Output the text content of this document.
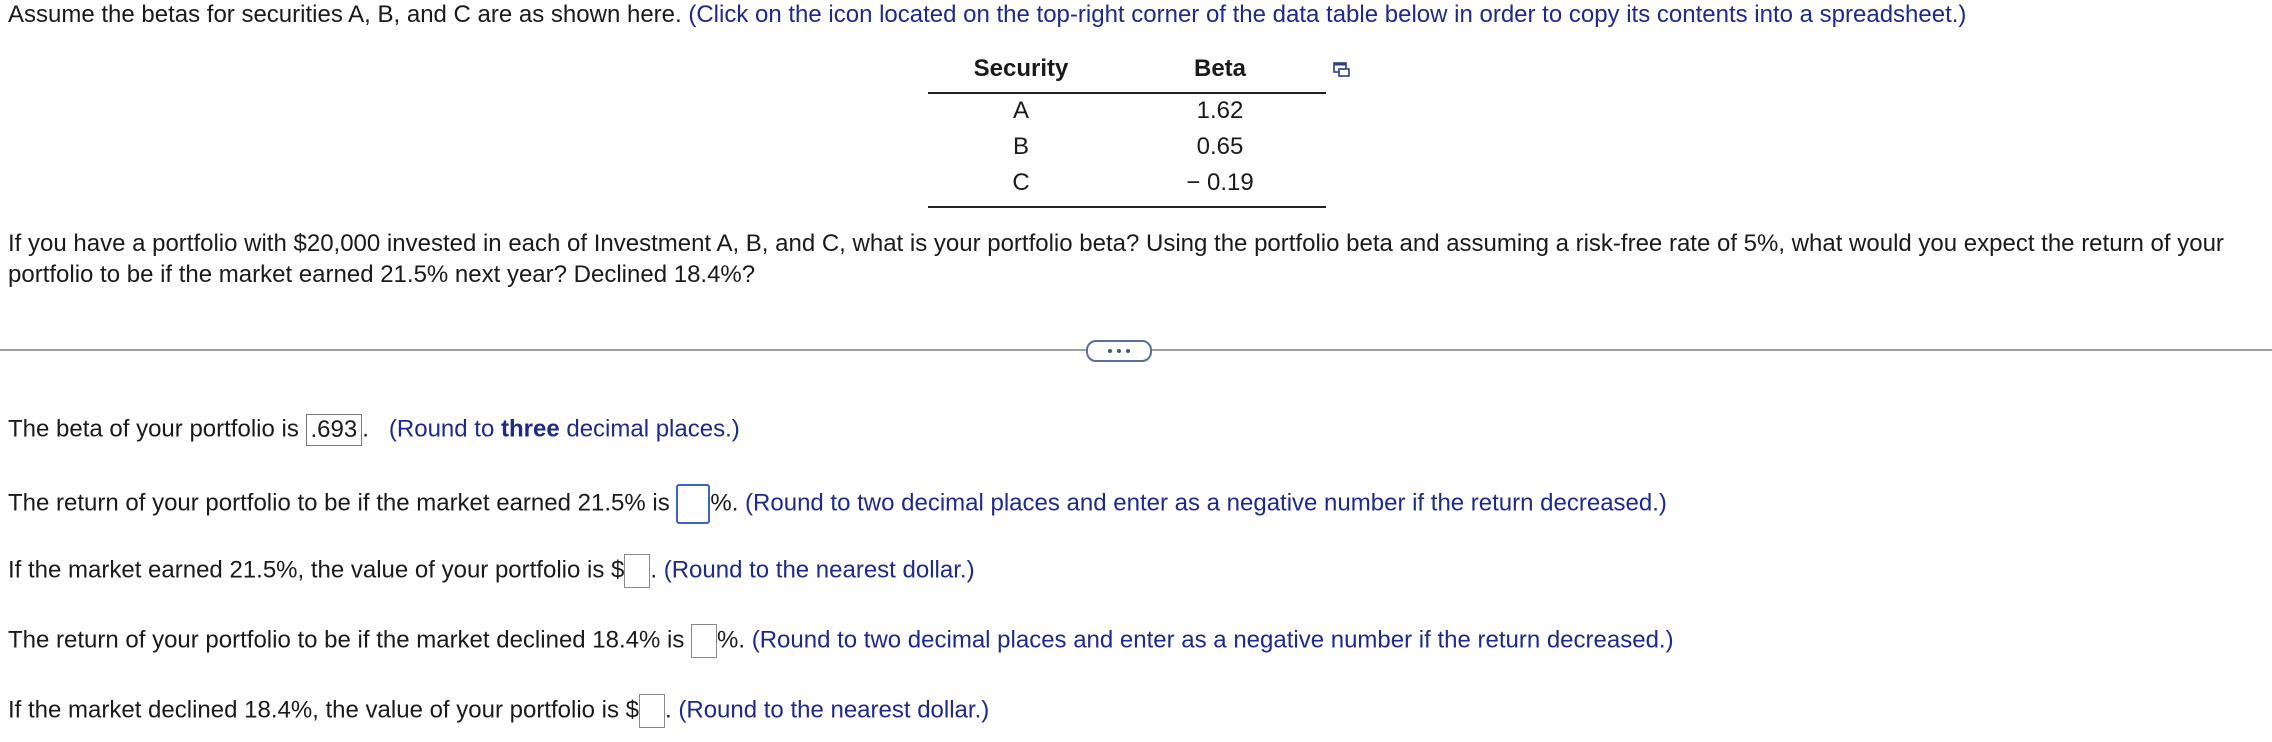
Assume the betas for securities A, B, and C are as shown here. (Click on the icon located on the top-right corner of the data table below in order to copy its contents into a spreadsheet.)
Security	Beta
A	1.62
B	0.65
C	− 0.19
If you have a portfolio with $20,000 invested in each of Investment A, B, and C, what is your portfolio beta? Using the portfolio beta and assuming a risk-free rate of 5%, what would you expect the return of your portfolio to be if the market earned 21.5% next year? Declined 18.4%?
The beta of your portfolio is .693 . (Round to three decimal places.)
The return of your portfolio to be if the market earned 21.5% is %. (Round to two decimal places and enter as a negative number if the return decreased.)
If the market earned 21.5%, the value of your portfolio is $ . (Round to the nearest dollar.)
The return of your portfolio to be if the market declined 18.4% is %. (Round to two decimal places and enter as a negative number if the return decreased.)
If the market declined 18.4%, the value of your portfolio is $ . (Round to the nearest dollar.)
